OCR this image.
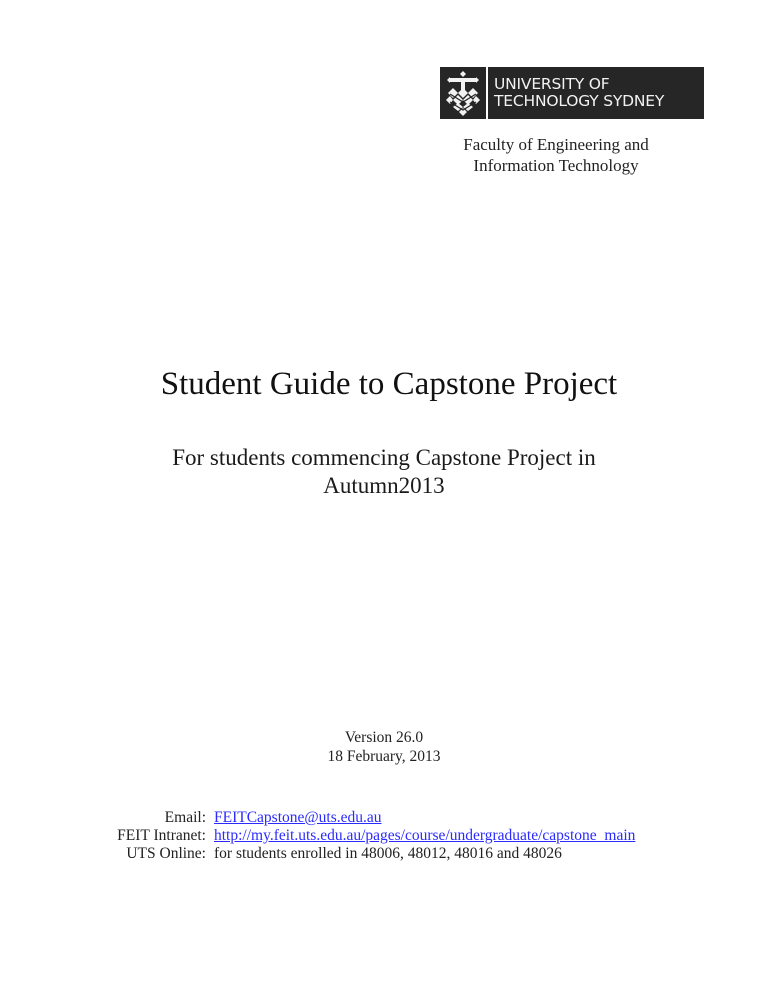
UNIVERSITY OF
TECHNOLOGY SYDNEY
Faculty of Engineering and
Information Technology
Student Guide to Capstone Project
For students commencing Capstone Project in
Autumn2013
Version 26.0
18 February, 2013
Email: FEITCapstone@uts.edu.au
FEIT Intranet: http://my.feit.uts.edu.au/pages/course/undergraduate/capstone_main
UTS Online: for students enrolled in 48006, 48012, 48016 and 48026
